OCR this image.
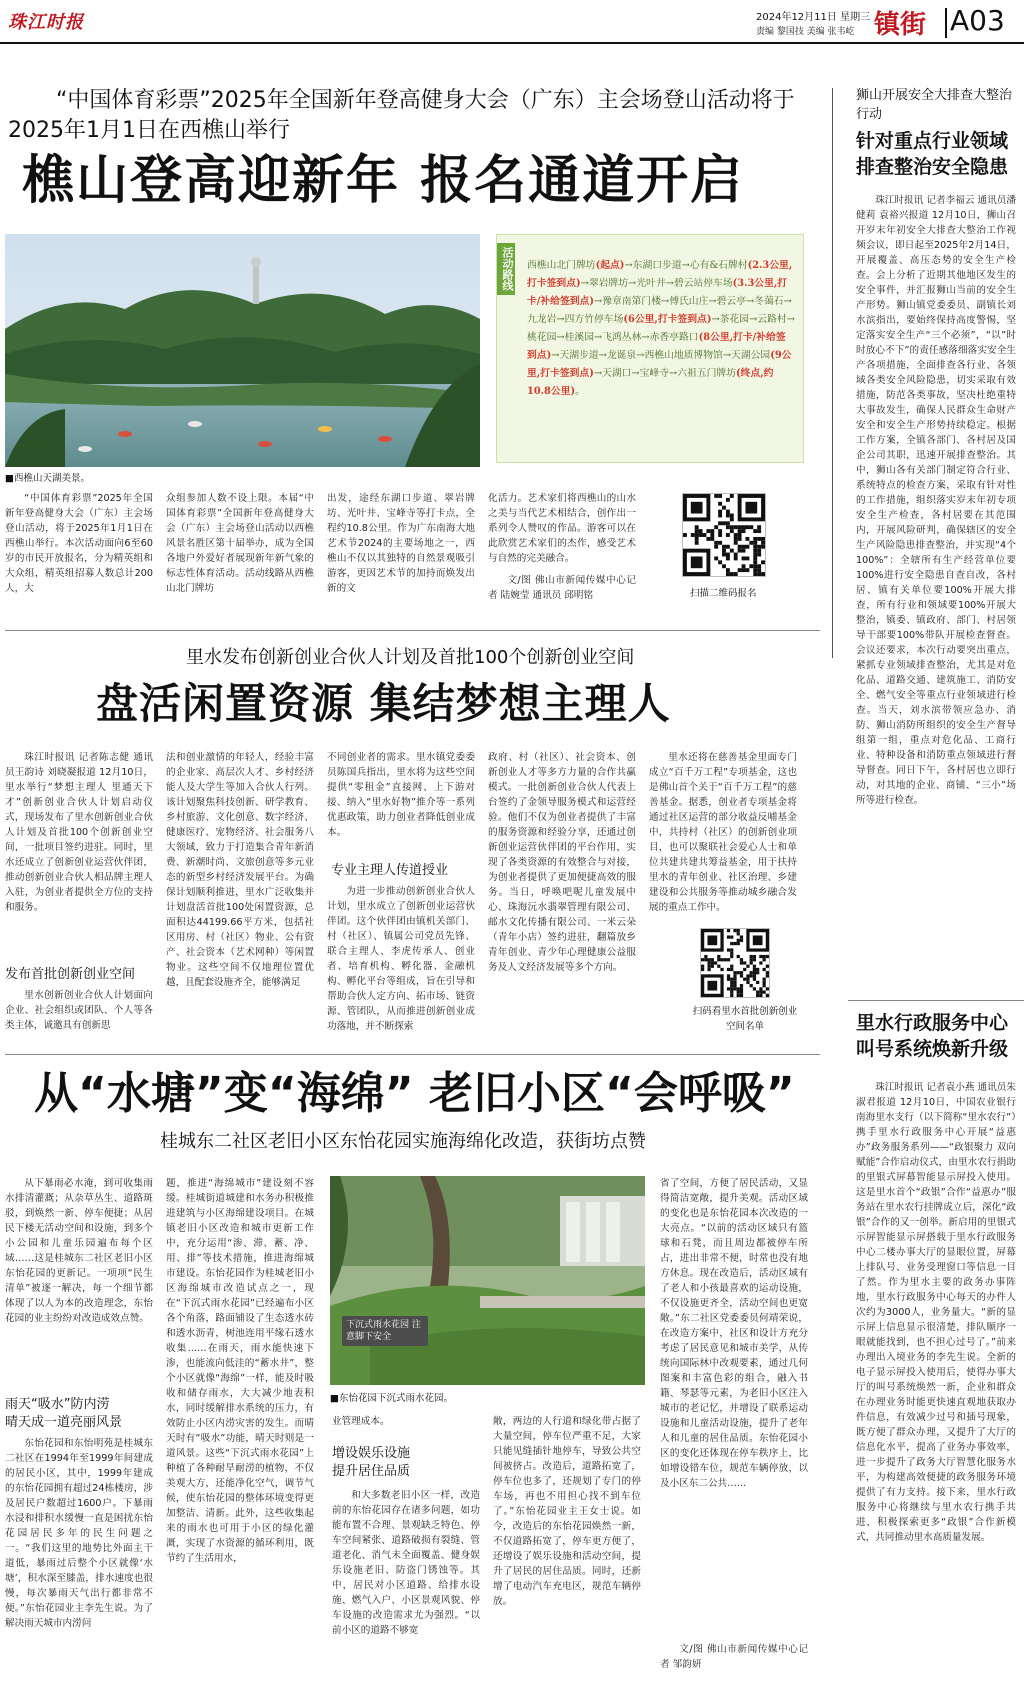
珠江时报	2024年12月11日 星期三
责编 黎国技 美编 张韦屹 镇街 A03
“中国体育彩票”2025年全国新年登高健身大会（广东）主会场登山活动将于2025年1月1日在西樵山举行
樵山登高迎新年 报名通道开启
■西樵山天湖美景。
活动路线 西樵山北门牌坊(起点)→东湖口步道→心有&石牌村(2.3公里,打卡签到点)→翠岩牌坊→光叶井→碧云站停车场(3.3公里,打卡/补给签到点)→豫章南第门楼→傅氏山庄→碧云亭→冬蔼石→九龙岩→四方竹停车场(6公里,打卡签到点)→茶花园→云路村→桃花园→桂溪园→飞鸿丛林→赤香亭路口(8公里,打卡/补给签到点)→天湖步道→龙诞泉→西樵山地质博物馆→天湖公园(9公里,打卡签到点)→天湖口→宝峰寺→六祖五门牌坊(终点,约10.8公里)。

“中国体育彩票”2025年全国新年登高健身大会（广东）主会场登山活动，将于2025年1月1日在西樵山举行。本次活动面向6至60岁的市民开放报名，分为精英组和大众组，精英组招募人数总计200人，大

众组参加人数不设上限。本届“中国体育彩票”全国新年登高健身大会（广东）主会场登山活动以西樵风景名胜区第十届举办，成为全国各地户外爱好者展现新年新气象的标志性体育活动。活动线路从西樵山北门牌坊

出发，途经东湖口步道、翠岩牌坊、光叶井、宝峰寺等打卡点，全程约10.8公里。作为广东南海大地艺术节2024的主要场地之一，西樵山不仅以其独特的自然景观吸引游客，更因艺术节的加持而焕发出新的文

化活力。艺术家们将西樵山的山水之美与当代艺术相结合，创作出一系列令人赞叹的作品。游客可以在此欣赏艺术家们的杰作，感受艺术与自然的完美融合。

文/图 佛山市新闻传媒中心记者 陆婉莹 通讯员 邱明铭	扫描二维码报名
里水发布创新创业合伙人计划及首批100个创新创业空间
盘活闲置资源 集结梦想主理人

珠江时报讯 记者陈志健 通讯员王韵诗 刘晓凝报道 12月10日，里水举行“梦想主理人 里通天下才”创新创业合伙人计划启动仪式，现场发布了里水创新创业合伙人计划及首批100个创新创业空间，一批项目签约进驻。同时，里水还成立了创新创业运营伙伴团，推动创新创业合伙人相品牌主理人入驻，为创业者提供全方位的支持和服务。

发布首批创新创业空间

里水创新创业合伙人计划面向企业、社会组织或团队、个人等各类主体，诚邀具有创新思

法和创业激情的年轻人，经验丰富的企业家、高层次人才、乡村经济能人及大学生等加入合伙人行列。该计划聚焦科技创新、研学教育、乡村旅游、文化创意、数字经济、健康医疗、宠物经济、社会服务八大领域，致力于打造集合青年新消费、新潮时尚、文旅创意等多元业态的新型乡村经济发展平台。为确保计划顺利推进，里水广泛收集并计划盘活首批100处闲置资源，总面积达44199.66平方米，包括社区用房、村（社区）物业、公有资产、社会资本（艺术网种）等闲置物业。这些空间不仅地理位置优越，且配套设施齐全，能够满足

不同创业者的需求。里水镇党委委员陈国兵指出，里水将为这些空间提供“零租金”直接网、上下游对接、纳入“里水好物”推介等一系列优惠政策，助力创业者降低创业成本。

专业主理人传道授业

为进一步推动创新创业合伙人计划，里水成立了创新创业运营伙伴团。这个伙伴团由镇机关部门、村（社区）、镇属公司党员先锋、联合主理人、李虎传承人、创业者、培育机构、孵化器、金融机构、孵化平台等组成，旨在引导和帮助合伙人定方向、拓市场、链资源、管团队，从而推进创新创业成功落地，并不断探索

政府、村（社区）、社会资本、创新创业人才等多方力量的合作共赢模式。一批创新创业合伙人代表上台签约了金领导服务模式和运营经验。他们不仅为创业者提供了丰富的服务资源和经验分享，还通过创新创业运营伙伴团的平台作用，实现了各类资源的有效整合与对接，为创业者提供了更加便捷高效的服务。当日，呼唤吧呢儿童发展中心、珠海沅水翡翠管理有限公司、邮水文化传播有限公司、一米云朵（青年小店）签约进驻，翻篇放乡青年创业、青少年心理健康公益服务及人文经济发展等多个方向。

里水还将在慈善基金里面专门成立“百千万工程”专项基金，这也是佛山首个关于“百千万工程”的慈善基金。据悉，创业者专项基金将通过社区运营的部分收益反哺基金中，共持村（社区）的创新创业项目，也可以聚联社会爱心人士和单位共建共建共筹益基金，用于扶持里水的青年创业、社区治理、乡建建设和公共服务等推动城乡融合发展的重点工作中。

扫码看里水首批创新创业空间名单
狮山开展安全大排查大整治行动
针对重点行业领域排查整治安全隐患

珠江时报讯 记者李福云 通讯员潘健莉 袁裕兴报道 12月10日，狮山召开岁末年初安全大排查大整治工作视频会议，即日起至2025年2月14日，开展覆盖、高压态势的安全生产检查。会上分析了近期其他地区发生的安全事件，并汇报狮山当前的安全生产形势。狮山镇党委委员、副镇长刘水滨指出，要始终保持高度警惕，坚定落实安全生产“三个必须”，“以”时时放心不下”的责任感落细落实安全生产各项措施，全面排查各行业、各领域各类安全风险隐患，切实采取有效措施，防范各类事故，坚决杜绝重特大事故发生，确保人民群众生命财产安全和安全生产形势持续稳定。根据工作方案，全镇各部门、各村居及国企公司其职，迅速开展排查整治。其中，狮山各有关部门制定符合行业、系统特点的检查方案，采取有针对性的工作措施，组织落实岁末年初专项安全生产检查，各村居要在其范围内，开展风险研判，确保辖区的安全生产风险隐患排查整治，并实现“4个100%”：全辖所有生产经营单位要100%进行安全隐患自查自改，各村居、镇有关单位要100%开展大排查，所有行业和领域要100%开展大整治，镇委、镇政府、部门、村居领导干部要100%带队开展检查督查。会议还要求，本次行动要突出重点，紧抓专业领域排查整治，尤其是对危化品、道路交通、建筑施工、消防安全、燃气安全等重点行业领域进行检查。当天，刘水滨带领应急办、消防、狮山消防所组织的安全生产督导组第一组，重点对危化品、工商行业、特种设备和消防重点领域进行督导督查。同日下午，各村居也立即行动，对其地的企业、商铺、“三小”场所等进行检查。

里水行政服务中心叫号系统焕新升级

珠江时报讯 记者袁小燕 通讯员朱淑君报道 12月10日，中国农业银行南海里水支行（以下简称“里水农行”）携手里水行政服务中心开展“益惠办”政务服务系列——“政银聚力 双向赋能”合作启动仪式，由里水农行捐助的里银式屏幕智能显示屏投入使用。这是里水首个“政银”合作“益惠办”服务站在里水农行挂牌成立后，深化“政银”合作的又一创举。新启用的里银式示屏智能显示屏搭载于里水行政服务中心二楼办事大厅的显眼位置，屏幕上排队号、业务受理窗口等信息一目了然。作为里水主要的政务办事阵地，里水行政服务中心每天的办件人次约为3000人，业务量大。“新的显示屏上信息显示很清楚，排队顺序一眼就能找到，也不担心过号了。”前来办理出入境业务的李先生说。全新的电子显示屏投入使用后，使得办事大厅的叫号系统焕然一新，企业和群众在办理业务时能更快速直观地获取办件信息，有效减少过号和插号现象，既方便了群众办理，又提升了大厅的信息化水平，提高了业务办事效率，进一步提升了政务大厅智慧化服务水平，为构建高效便捷的政务服务环境提供了有力支持。接下来，里水行政服务中心将继续与里水农行携手共进，积极探索更多“政银”合作新模式，共同推动里水高质量发展。

从“水塘”变“海绵” 老旧小区“会呼吸”
桂城东二社区老旧小区东怡花园实施海绵化改造，获街坊点赞

从下暴雨必水淹，到可收集雨水排清灌溉；从杂草丛生、道路斑驳，到焕然一新、停车便捷；从居民下楼无活动空间和设施，到多个小公园和儿童乐园遍布每个区域……这是桂城东二社区老旧小区东怡花园的更新记。一项项“民生清单”被逐一解决，每一个细节都体现了以人为本的改造理念，东怡花园的业主纷纷对改造成效点赞。

雨天“吸水”防内涝
晴天成一道亮丽风景

东怡花园和东怡明苑是桂城东二社区在1994年至1999年间建成的居民小区，其中，1999年建成的东怡花园拥有超过24栋楼房，涉及居民户数超过1600户。下暴雨水浸和排积水缓慢一直是困扰东怡花园居民多年的民生问题之一。“我们这里的地势比外面主干道低，暴雨过后整个小区就像‘水塘’，积水深至膝盖，排水速度也很慢，每次暴雨天气出行都非常不便。”东怡花园业主李先生说。为了解决雨天城市内涝问

题，推进“海绵城市”建设刻不容缓。桂城街道城建和水务办积极推进建筑与小区海绵建设项目。在城镇老旧小区改造和城市更新工作中，充分运用“渗、滞、蓄、净、用、排”等技术措施，推进海绵城市建设。东怡花园作为桂城老旧小区海绵城市改造试点之一，现在“下沉式雨水花园”已经遍布小区各个角落，路面铺设了生态透水砖和透水沥青，树池连用平缘石透水收集……在雨天，雨水能快速下渗，也能流向低洼的“蓄水井”，整个小区就像“海绵”一样，能及时吸收和储存雨水，大大减少地表积水，同时缓解排水系统的压力，有效防止小区内涝灾害的发生。而晴天时有“吸水”功能，晴天时则是一道风景。这些“下沉式雨水花园”上种植了各种耐旱耐涝的植物，不仅美观大方，还能净化空气，调节气候，使东怡花园的整体环境变得更加整洁、清新。此外，这些收集起来的雨水也可用于小区的绿化灌溉，实现了水资源的循环利用，既节约了生活用水，

下沉式雨水花园 注意脚下安全
■东怡花园下沉式雨水花园。

业管理成本。

增设娱乐设施
提升居住品质

和大多数老旧小区一样，改造前的东怡花园存在诸多问题，如功能布置不合理、景观缺乏特色、停车空间紧张、道路破损有裂缝、管道老化、消气未全面覆盖、健身娱乐设施老旧、防盗门锈蚀等。其中，居民对小区道路、给排水设施、燃气入户、小区景观风貌、停车设施的改造需求尤为强烈。“以前小区的道路不够宽

敞，两边的人行道和绿化带占据了大量空间，停车位严重不足，大家只能见缝插针地停车，导致公共空间被挤占。改造后，道路拓宽了，停车位也多了，还规划了专门的停车场，再也不用担心找不到车位了。”东怡花园业主王女士说。如今，改造后的东怡花园焕然一新，不仅道路拓宽了，停车更方便了，还增设了娱乐设施和活动空间，提升了居民的居住品质。同时，还新增了电动汽车充电区，规范车辆停放。

省了空间，方便了居民活动，又显得简洁宽敞，提升美观。活动区域的变化也是东怡花园本次改造的一大亮点。“以前的活动区域只有篮球和石凳，而且周边都被停车所占，进出非常不便，时常也没有地方休息。现在改造后，活动区域有了老人和小孩最喜欢的运动设施，不仅设施更齐全，活动空间也更宽敞。”东二社区党委委员何靖荣说，在改造方案中，社区和设计方充分考虑了居民意见和城市美学，从传统向国际林中改观要素，通过几何图案和丰富色彩的组合，融入书籍、琴瑟等元素，为老旧小区注入城市的老记忆，并增设了联系运动设施和儿童活动设施，提升了老年人和儿童的居住品质。东怡花园小区的变化还体现在停车秩序上，比如增设错车位，规范车辆停放，以及小区东二公共……

文/图 佛山市新闻传媒中心记者 邹韵妍
